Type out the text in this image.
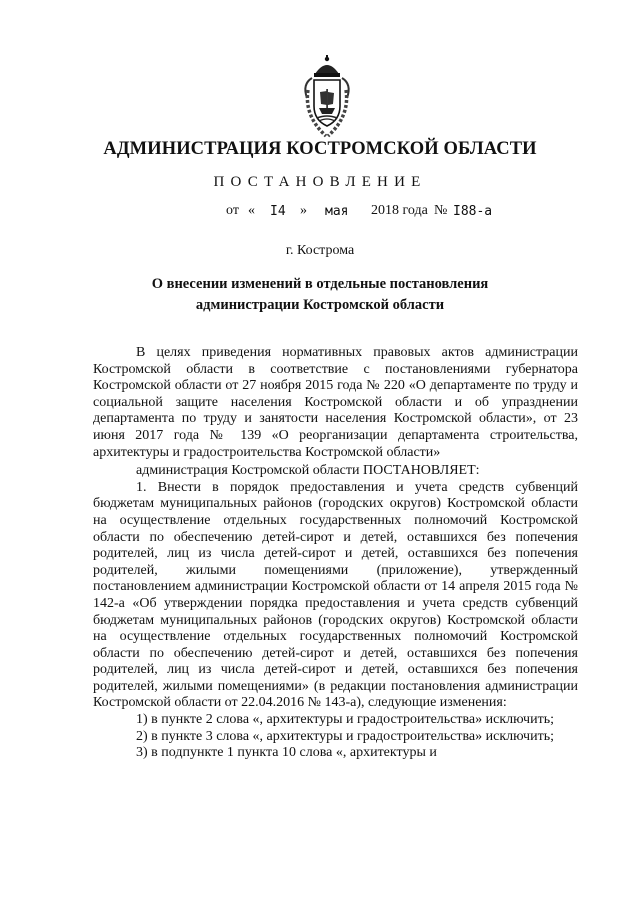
АДМИНИСТРАЦИЯ КОСТРОМСКОЙ ОБЛАСТИ
ПОСТАНОВЛЕНИЕ
от « I4 » мая 2018 года № I88-а
г. Кострома
О внесении изменений в отдельные постановления администрации Костромской области

В целях приведения нормативных правовых актов администрации Костромской области в соответствие с постановлениями губернатора Костромской области от 27 ноября 2015 года № 220 «О департаменте по труду и социальной защите населения Костромской области и об упразднении департамента по труду и занятости населения Костромской области», от 23 июня 2017 года № 139 «О реорганизации департамента строительства, архитектуры и градостроительства Костромской области»

администрация Костромской области ПОСТАНОВЛЯЕТ:

1. Внести в порядок предоставления и учета средств субвенций бюджетам муниципальных районов (городских округов) Костромской области на осуществление отдельных государственных полномочий Костромской области по обеспечению детей-сирот и детей, оставшихся без попечения родителей, лиц из числа детей-сирот и детей, оставшихся без попечения родителей, жилыми помещениями (приложение), утвержденный постановлением администрации Костромской области от 14 апреля 2015 года № 142-а «Об утверждении порядка предоставления и учета средств субвенций бюджетам муниципальных районов (городских округов) Костромской области на осуществление отдельных государственных полномочий Костромской области по обеспечению детей-сирот и детей, оставшихся без попечения родителей, лиц из числа детей-сирот и детей, оставшихся без попечения родителей, жилыми помещениями» (в редакции постановления администрации Костромской области от 22.04.2016 № 143-а), следующие изменения:

1) в пункте 2 слова «, архитектуры и градостроительства» исключить;

2) в пункте 3 слова «, архитектуры и градостроительства» исключить;

3) в подпункте 1 пункта 10 слова «, архитектуры и
